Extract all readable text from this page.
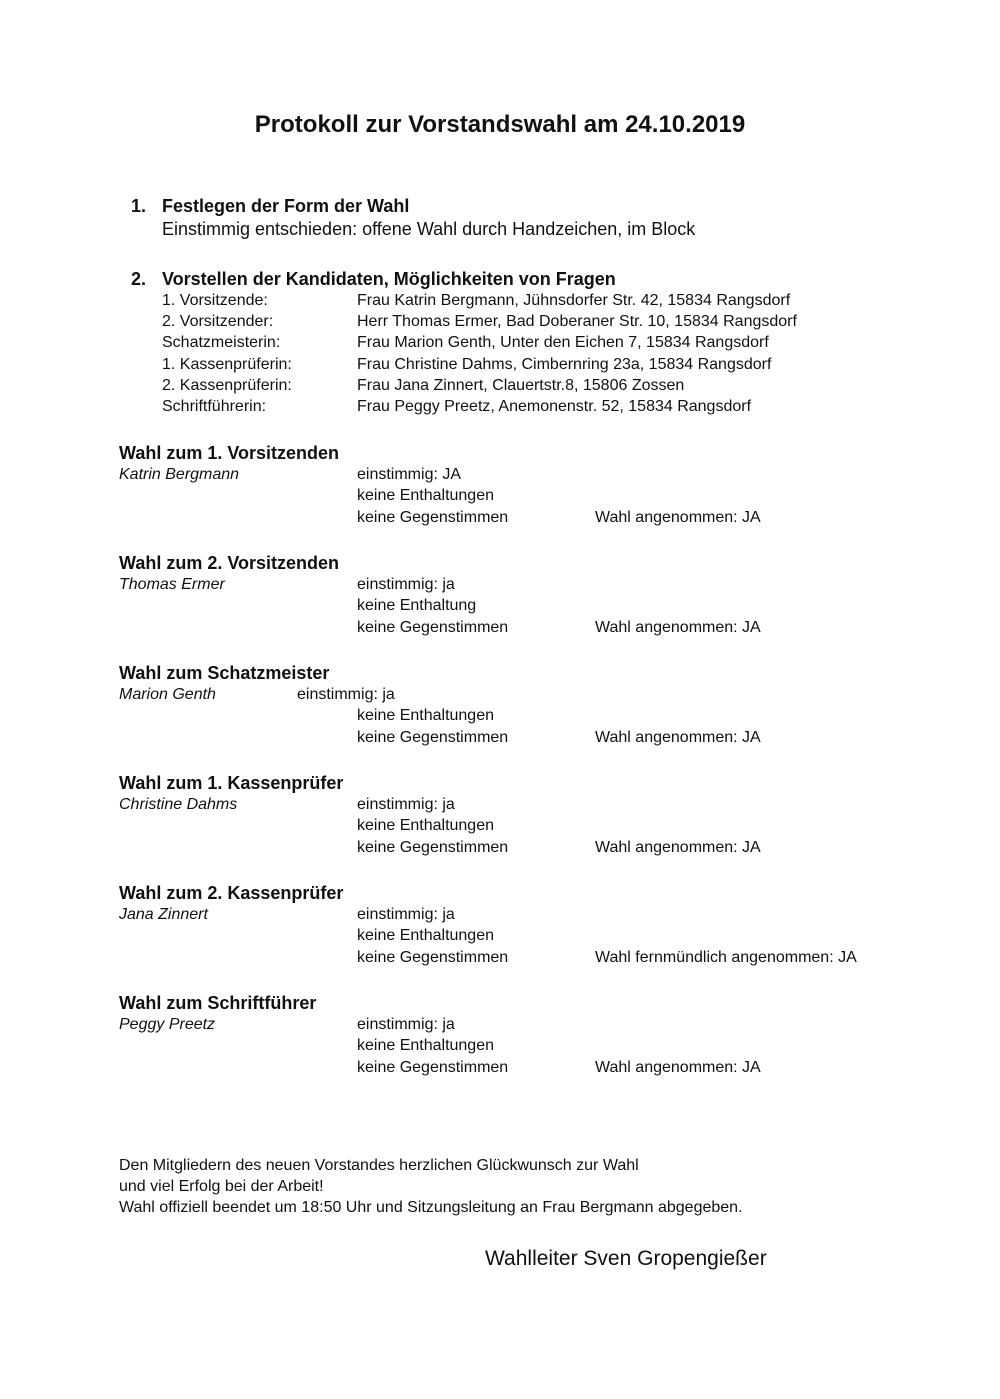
Protokoll zur Vorstandswahl am 24.10.2019
1. Festlegen der Form der Wahl
Einstimmig entschieden: offene Wahl durch Handzeichen, im Block
2. Vorstellen der Kandidaten, Möglichkeiten von Fragen
1. Vorsitzende:	Frau Katrin Bergmann, Jühnsdorfer Str. 42, 15834 Rangsdorf
2. Vorsitzender:	Herr Thomas Ermer, Bad Doberaner Str. 10, 15834 Rangsdorf
Schatzmeisterin:	Frau Marion Genth, Unter den Eichen 7, 15834 Rangsdorf
1. Kassenprüferin:	Frau Christine Dahms, Cimbernring 23a, 15834 Rangsdorf
2. Kassenprüferin:	Frau Jana Zinnert, Clauertstr.8, 15806 Zossen
Schriftführerin:	Frau Peggy Preetz, Anemonenstr. 52, 15834 Rangsdorf
Wahl zum 1. Vorsitzenden
Katrin Bergmann	einstimmig: JA
keine Enthaltungen
keine Gegenstimmen	Wahl angenommen: JA
Wahl zum 2. Vorsitzenden
Thomas Ermer	einstimmig: ja
keine Enthaltung
keine Gegenstimmen	Wahl angenommen: JA
Wahl zum Schatzmeister
Marion Genth	einstimmig: ja
keine Enthaltungen
keine Gegenstimmen	Wahl angenommen: JA
Wahl zum 1. Kassenprüfer
Christine Dahms	einstimmig: ja
keine Enthaltungen
keine Gegenstimmen	Wahl angenommen: JA
Wahl zum 2. Kassenprüfer
Jana Zinnert	einstimmig: ja
keine Enthaltungen
keine Gegenstimmen	Wahl fernmündlich angenommen: JA
Wahl zum Schriftführer
Peggy Preetz	einstimmig: ja
keine Enthaltungen
keine Gegenstimmen	Wahl angenommen: JA
Den Mitgliedern des neuen Vorstandes herzlichen Glückwunsch zur Wahl
und viel Erfolg bei der Arbeit!
Wahl offiziell beendet um 18:50 Uhr und Sitzungsleitung an Frau Bergmann abgegeben.
Wahlleiter Sven Gropengießer
